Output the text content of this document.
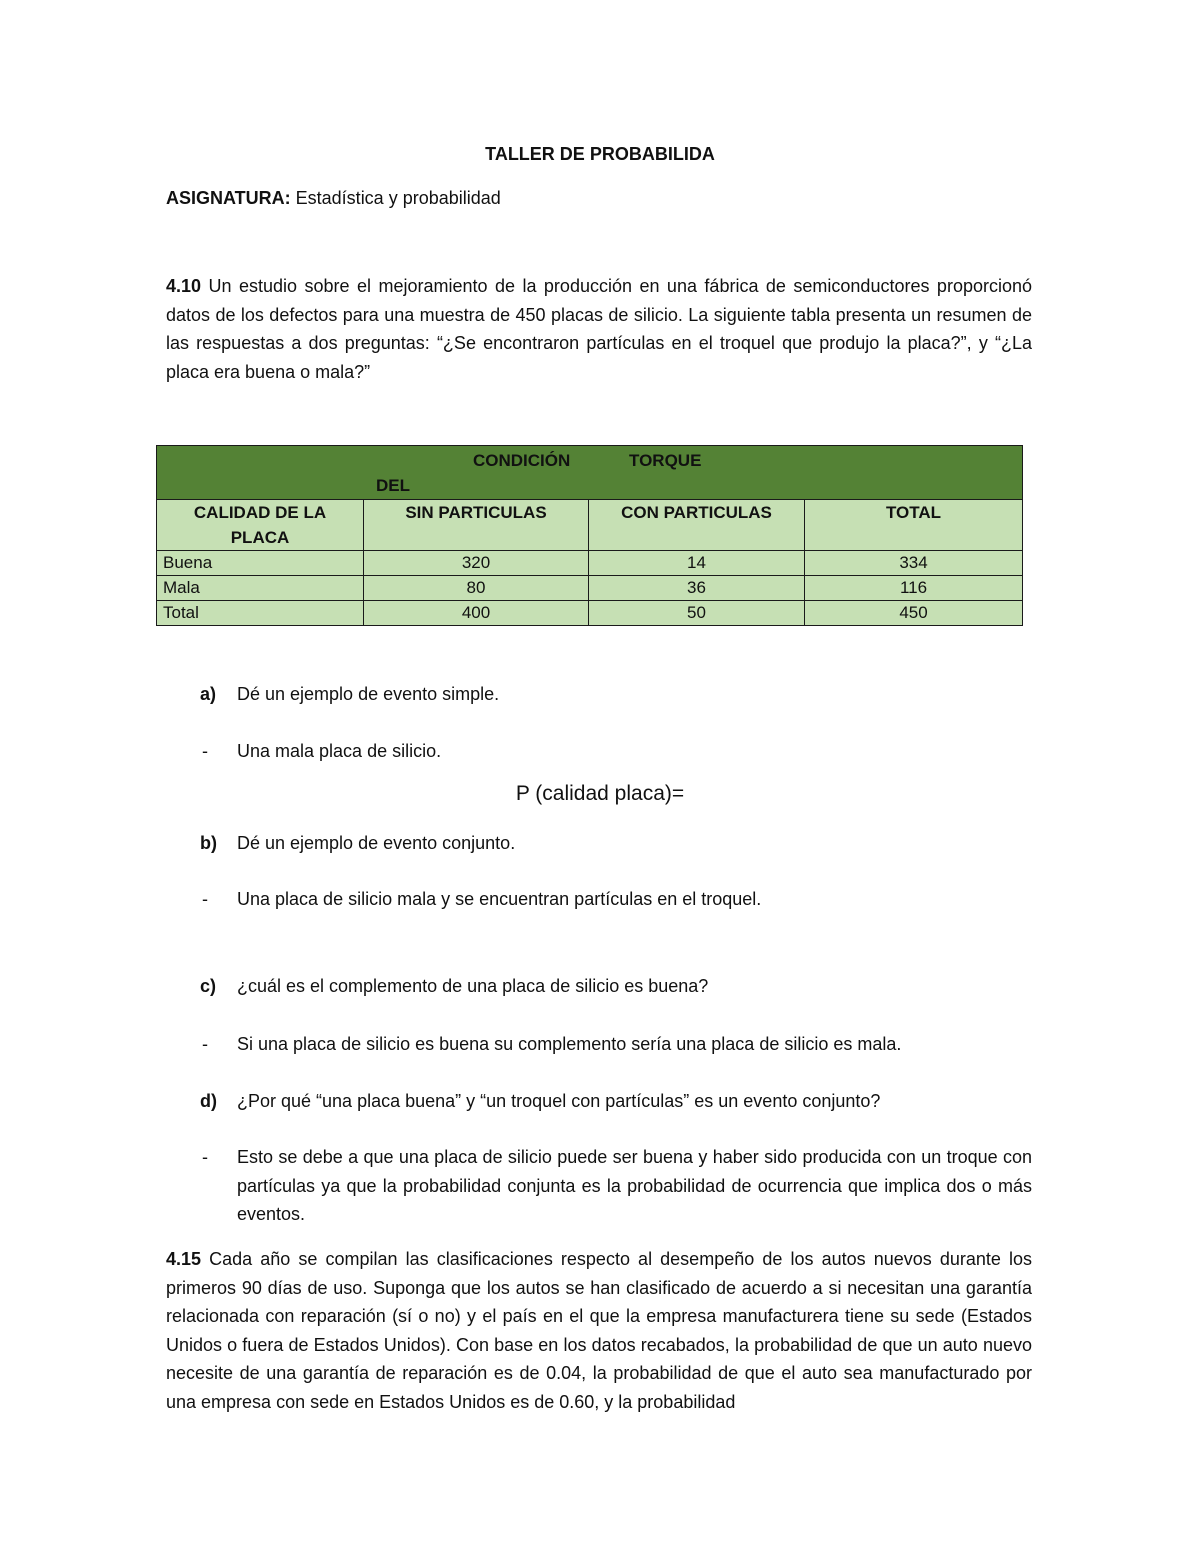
TALLER DE PROBABILIDA
ASIGNATURA: Estadística y probabilidad
4.10 Un estudio sobre el mejoramiento de la producción en una fábrica de semiconductores proporcionó datos de los defectos para una muestra de 450 placas de silicio. La siguiente tabla presenta un resumen de las respuestas a dos preguntas: “¿Se encontraron partículas en el troquel que produjo la placa?”, y “¿La placa era buena o mala?”
CONDICIÓN TORQUE
DEL			

CALIDAD DE LA PLACA	SIN PARTICULAS	CON PARTICULAS	TOTAL
Buena	320	14	334
Mala	80	36	116
Total	400	50	450
a) Dé un ejemplo de evento simple.
- Una mala placa de silicio.
P (calidad placa)=
b) Dé un ejemplo de evento conjunto.
- Una placa de silicio mala y se encuentran partículas en el troquel.
c) ¿cuál es el complemento de una placa de silicio es buena?
- Si una placa de silicio es buena su complemento sería una placa de silicio es mala.
d) ¿Por qué “una placa buena” y “un troquel con partículas” es un evento conjunto?
- Esto se debe a que una placa de silicio puede ser buena y haber sido producida con un troque con partículas ya que la probabilidad conjunta es la probabilidad de ocurrencia que implica dos o más eventos.
4.15 Cada año se compilan las clasificaciones respecto al desempeño de los autos nuevos durante los primeros 90 días de uso. Suponga que los autos se han clasificado de acuerdo a si necesitan una garantía relacionada con reparación (sí o no) y el país en el que la empresa manufacturera tiene su sede (Estados Unidos o fuera de Estados Unidos). Con base en los datos recabados, la probabilidad de que un auto nuevo necesite de una garantía de reparación es de 0.04, la probabilidad de que el auto sea manufacturado por una empresa con sede en Estados Unidos es de 0.60, y la probabilidad
